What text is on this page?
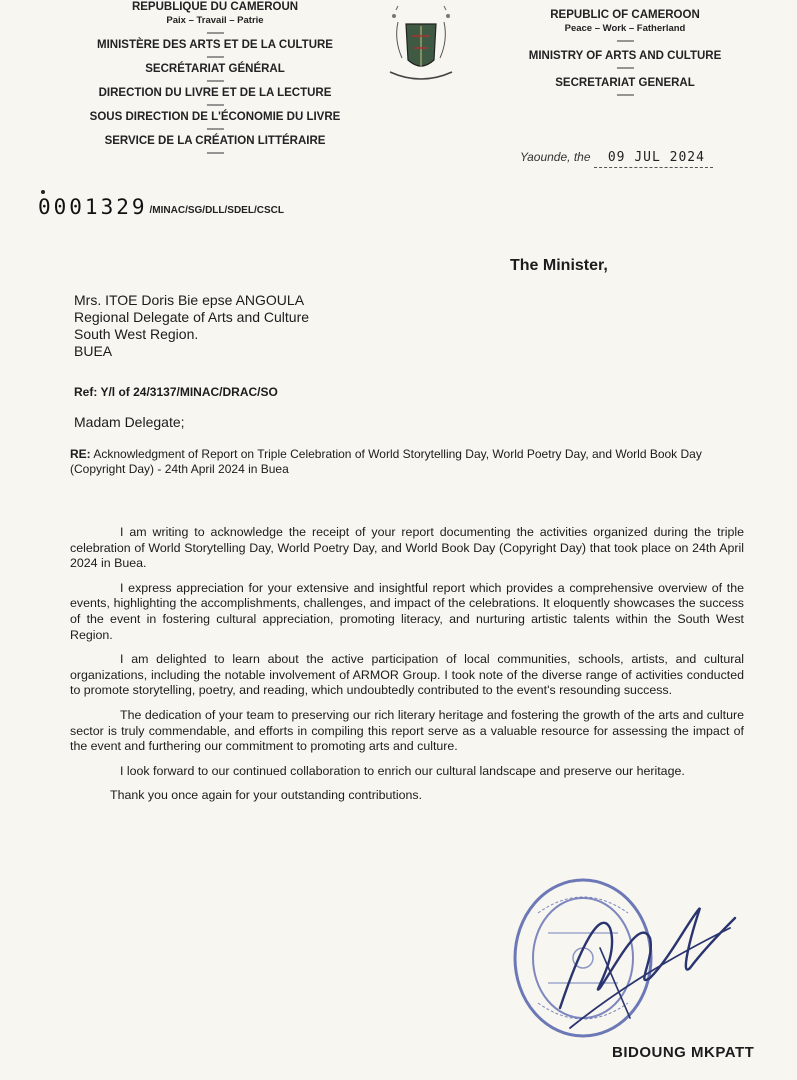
REPUBLIQUE DU CAMEROUN
Paix – Travail – Patrie
----------
MINISTÈRE DES ARTS ET DE LA CULTURE
----------
SECRÉTARIAT GÉNÉRAL
----------
DIRECTION DU LIVRE ET DE LA LECTURE
----------
SOUS DIRECTION DE L'ÉCONOMIE DU LIVRE
----------
SERVICE DE LA CRÉATION LITTÉRAIRE
----------
REPUBLIC OF CAMEROON
Peace – Work – Fatherland
----------
MINISTRY OF ARTS AND CULTURE
----------
SECRETARIAT GENERAL
----------
Yaounde, the 09 JUL 2024
0001329 /MINAC/SG/DLL/SDEL/CSCL
The Minister,
Mrs. ITOE Doris Bie epse ANGOULA
Regional Delegate of Arts and Culture
South West Region.
BUEA
Ref: Y/l of 24/3137/MINAC/DRAC/SO
Madam Delegate;
RE: Acknowledgment of Report on Triple Celebration of World Storytelling Day, World Poetry Day, and World Book Day (Copyright Day) - 24th April 2024 in Buea

I am writing to acknowledge the receipt of your report documenting the activities organized during the triple celebration of World Storytelling Day, World Poetry Day, and World Book Day (Copyright Day) that took place on 24th April 2024 in Buea.

I express appreciation for your extensive and insightful report which provides a comprehensive overview of the events, highlighting the accomplishments, challenges, and impact of the celebrations. It eloquently showcases the success of the event in fostering cultural appreciation, promoting literacy, and nurturing artistic talents within the South West Region.

I am delighted to learn about the active participation of local communities, schools, artists, and cultural organizations, including the notable involvement of ARMOR Group. I took note of the diverse range of activities conducted to promote storytelling, poetry, and reading, which undoubtedly contributed to the event's resounding success.

The dedication of your team to preserving our rich literary heritage and fostering the growth of the arts and culture sector is truly commendable, and efforts in compiling this report serve as a valuable resource for assessing the impact of the event and furthering our commitment to promoting arts and culture.

I look forward to our continued collaboration to enrich our cultural landscape and preserve our heritage.

Thank you once again for your outstanding contributions.

BIDOUNG MKPATT
